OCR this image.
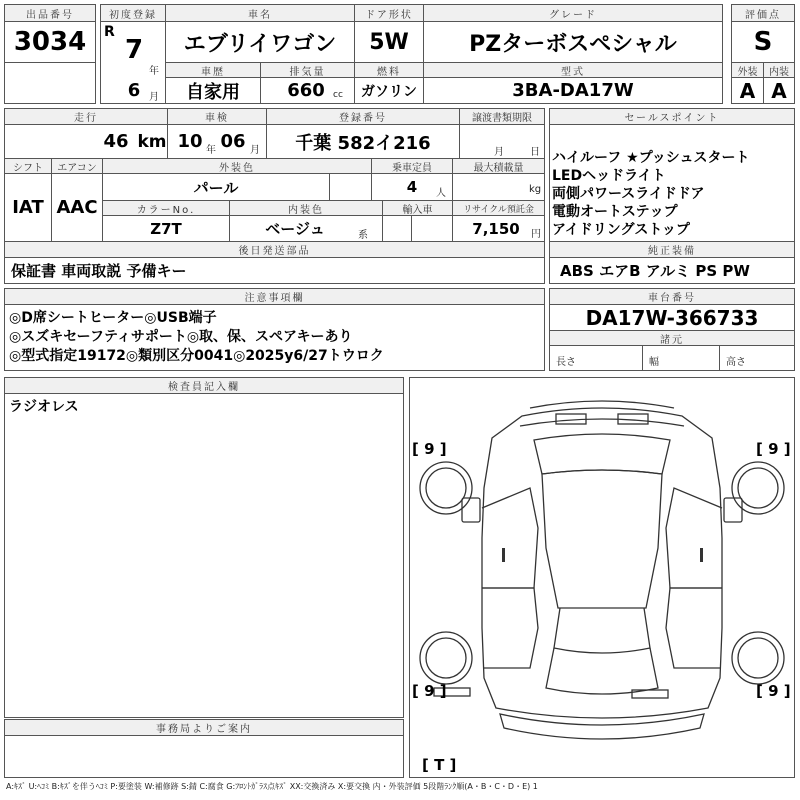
出品番号
3034
初度登録
R
7
年
6 月
車名
エブリイワゴン
ドア形状
5W
グレード
PZターボスペシャル
評価点
S
車歴
自家用
排気量
660 cc
燃料
ガソリン
型式
3BA-DA17W
外装
A
内装
A
走行
46 km
車検
10 年 06 月
登録番号
千葉 582イ216
譲渡書類期限
月	日
シフト
IAT
エアコン
AAC
外装色
パール
乗車定員
4	人
最大積載量
kg
カラーNo.
Z7T
内装色
ベージュ	系
輸入車	リサイクル預託金
7,150	円
後日発送部品
保証書 車両取説 予備キー
セールスポイント
ハイルーフ ★プッシュスタート
LEDヘッドライト
両側パワースライドドア
電動オートステップ
アイドリングストップ
純正装備
ABS エアB アルミ PS PW
注意事項欄
◎D席シートヒーター◎USB端子
◎スズキセーフティサポート◎取、保、スペアキーあり
◎型式指定19172◎類別区分0041◎2025y6/27トウロク
車台番号
DA17W-366733
諸元
長さ	幅	高さ
検査員記入欄
ラジオレス
事務局よりご案内
[ 9 ]	[ 9 ]
[ 9 ]	[ 9 ]
[ T ]
A:ｷｽﾞ U:ﾍｺﾐ B:ｷｽﾞを伴うﾍｺﾐ P:要塗装 W:補修跡 S:錆 C:腐食 G:ﾌﾛﾝﾄｶﾞﾗｽ点ｷｽﾞ XX:交換済み X:要交換 内・外装評価 5段階ﾗﾝｸ順(A・B・C・D・E) 1
